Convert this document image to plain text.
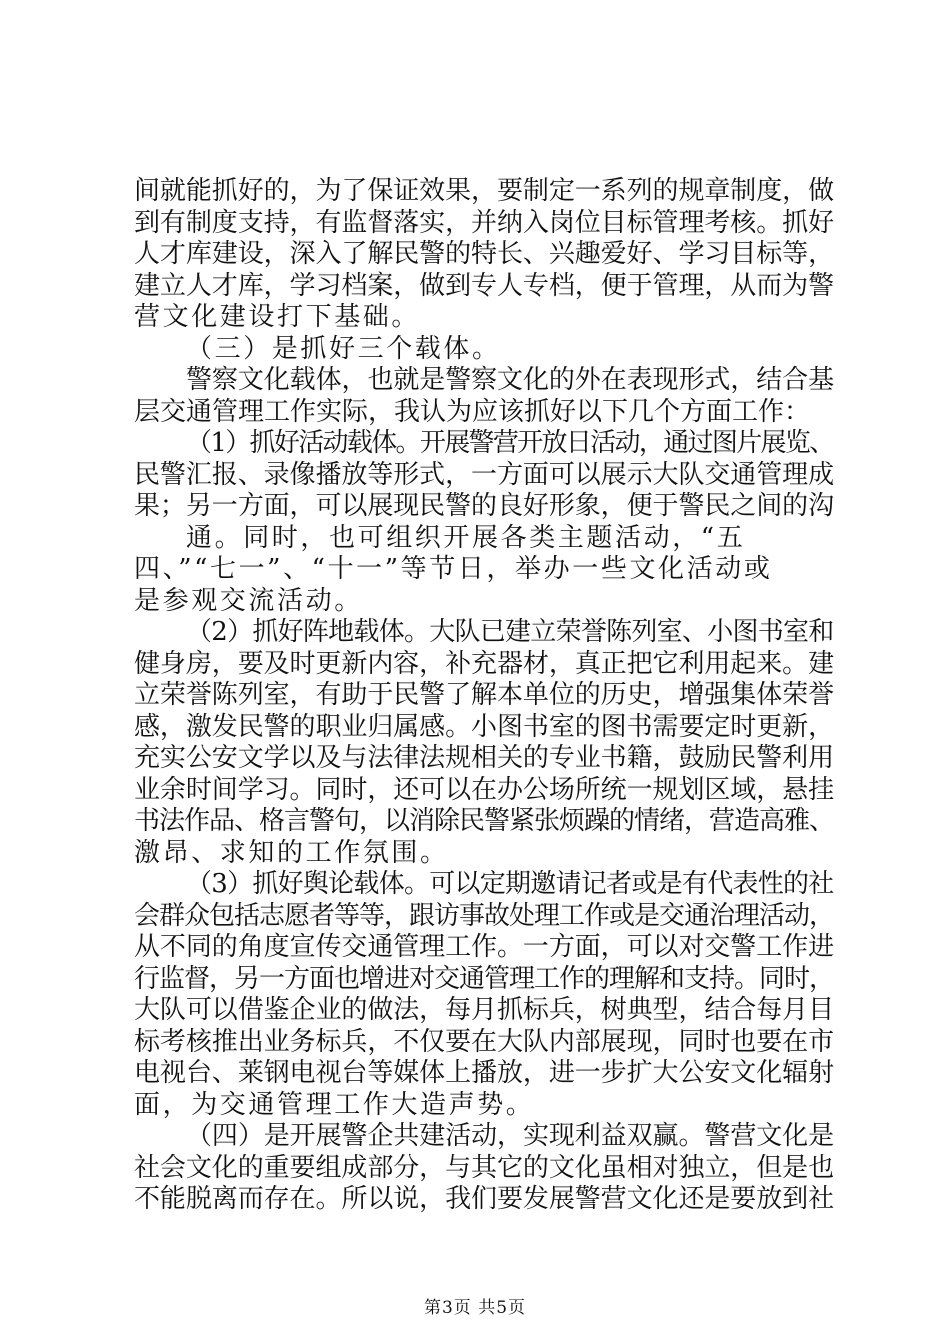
间就能抓好的，为了保证效果，要制定一系列的规章制度，做
到有制度支持，有监督落实，并纳入岗位目标管理考核。抓好
人才库建设，深入了解民警的特长、兴趣爱好、学习目标等，
建立人才库，学习档案，做到专人专档，便于管理，从而为警
营文化建设打下基础。
（三）是抓好三个载体。
警察文化载体，也就是警察文化的外在表现形式，结合基
层交通管理工作实际，我认为应该抓好以下几个方面工作：
（1）抓好活动载体。开展警营开放日活动，通过图片展览、
民警汇报、录像播放等形式，一方面可以展示大队交通管理成
果；另一方面，可以展现民警的良好形象，便于警民之间的沟
通。同时，也可组织开展各类主题活动，“五
四、”“七一”、“十一”等节日，举办一些文化活动或
是参观交流活动。
（2）抓好阵地载体。大队已建立荣誉陈列室、小图书室和
健身房，要及时更新内容，补充器材，真正把它利用起来。建
立荣誉陈列室，有助于民警了解本单位的历史，增强集体荣誉
感，激发民警的职业归属感。小图书室的图书需要定时更新，
充实公安文学以及与法律法规相关的专业书籍，鼓励民警利用
业余时间学习。同时，还可以在办公场所统一规划区域，悬挂
书法作品、格言警句，以消除民警紧张烦躁的情绪，营造高雅、
激昂、求知的工作氛围。
（3）抓好舆论载体。可以定期邀请记者或是有代表性的社
会群众包括志愿者等等，跟访事故处理工作或是交通治理活动，
从不同的角度宣传交通管理工作。一方面，可以对交警工作进
行监督，另一方面也增进对交通管理工作的理解和支持。同时，
大队可以借鉴企业的做法，每月抓标兵，树典型，结合每月目
标考核推出业务标兵，不仅要在大队内部展现，同时也要在市
电视台、莱钢电视台等媒体上播放，进一步扩大公安文化辐射
面，为交通管理工作大造声势。
（四）是开展警企共建活动，实现利益双赢。警营文化是
社会文化的重要组成部分，与其它的文化虽相对独立，但是也
不能脱离而存在。所以说，我们要发展警营文化还是要放到社
第3页 共5页
